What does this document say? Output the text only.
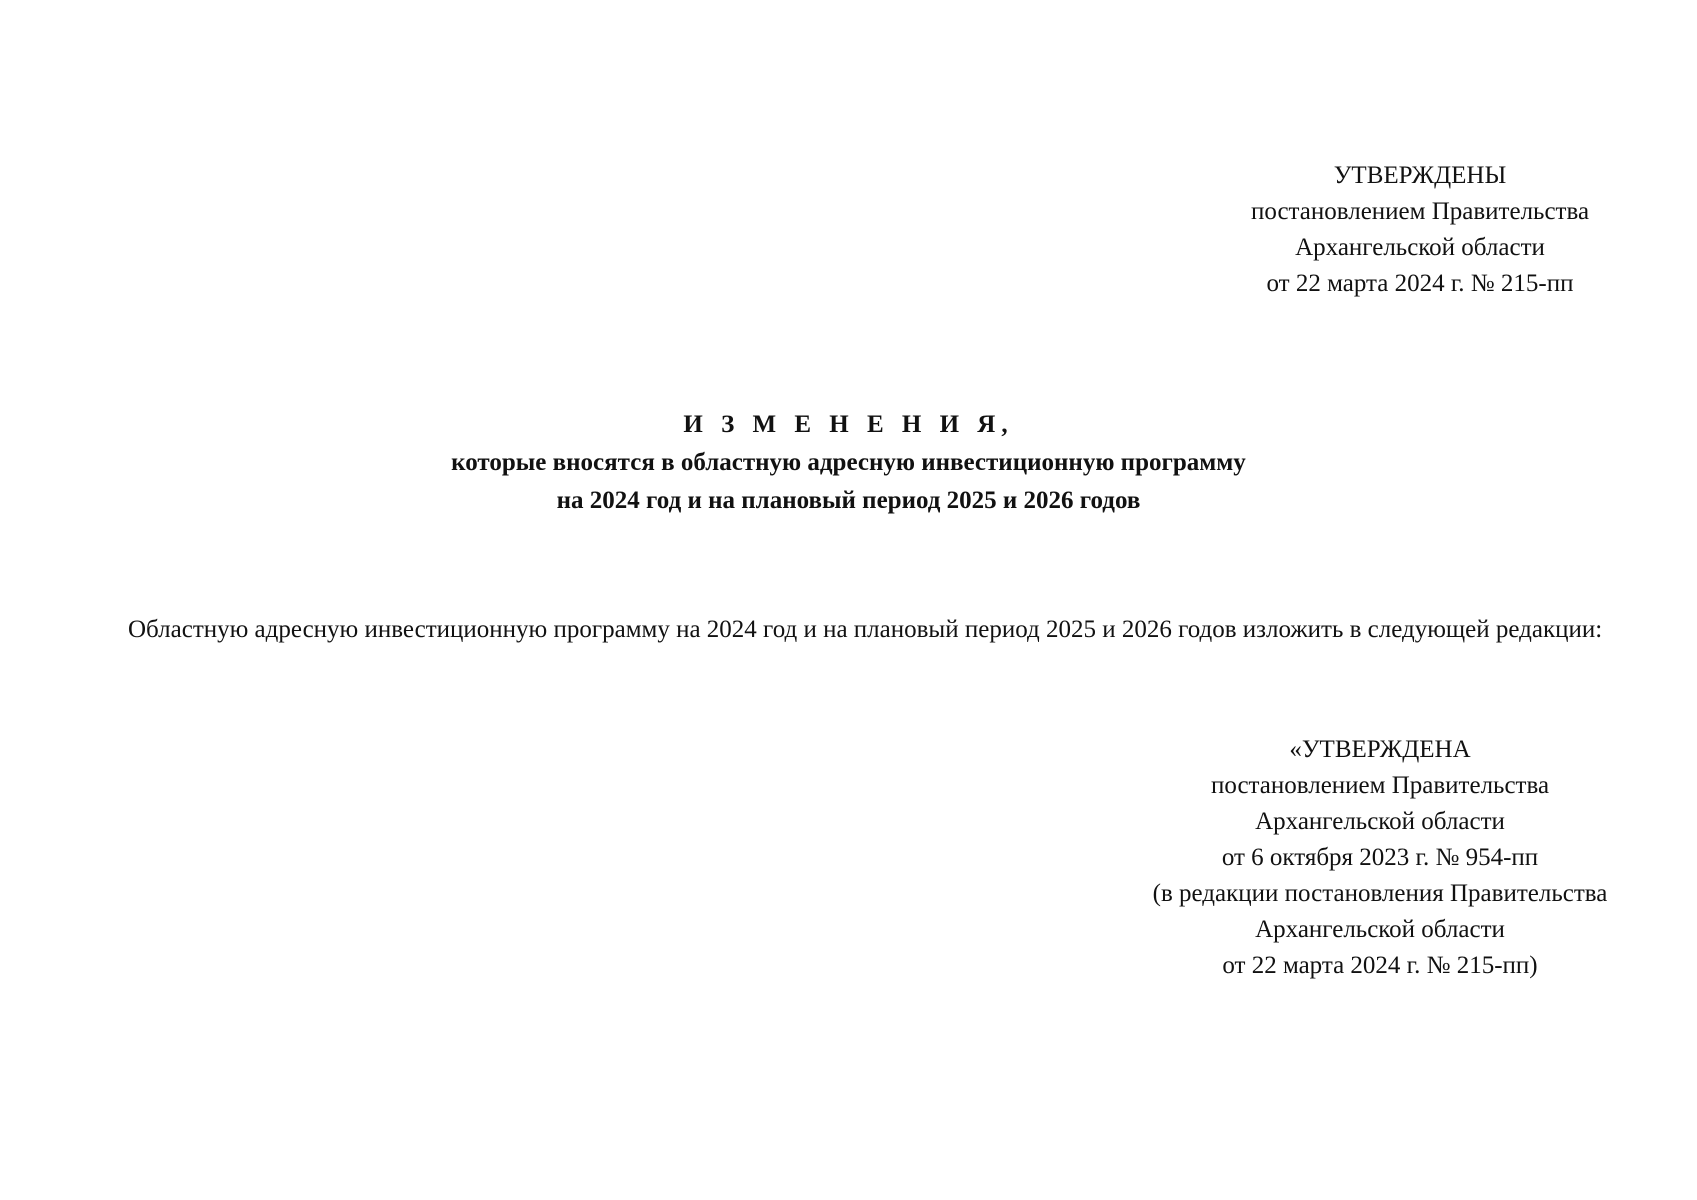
УТВЕРЖДЕНЫ
постановлением Правительства
Архангельской области
от 22 марта 2024 г. № 215-пп
И З М Е Н Е Н И Я,
которые вносятся в областную адресную инвестиционную программу
на 2024 год и на плановый период 2025 и 2026 годов

Областную адресную инвестиционную программу на 2024 год и на плановый период 2025 и 2026 годов изложить в следующей редакции:

«УТВЕРЖДЕНА
постановлением Правительства
Архангельской области
от 6 октября 2023 г. № 954-пп
(в редакции постановления Правительства
Архангельской области
от 22 марта 2024 г. № 215-пп)
